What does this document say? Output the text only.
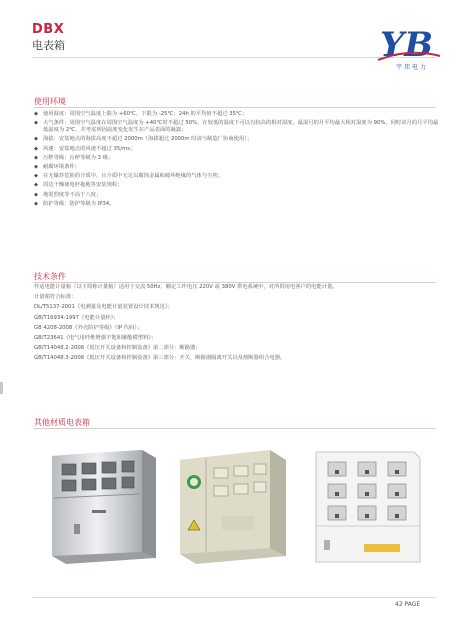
DBX
电表箱	YB
宇邦电力
使用环境
◆ 使用温度：周围空气温度上限为 +60℃，下限为 -25℃；24h 的平均值不超过 35℃；
◆ 大气条件：周围空气温度在周围空气温度为 +40℃时不超过 50%，在较低的温度下可以有较高的相对湿度，最湿月的月平均最大相对湿度为 90%，同时该月的月平均最低温度为 2℃，并考虑到因温度变化发生在产品表面的凝露；
◆ 海拔：安装地点的海拔高度不超过 2000m（海拔超过 2000m 时请与制造厂协商使用）；
◆ 风速：安装地点的风速不超过 35/ms；
◆ 污秽等级：污秽等级为 3 级；
◆ 耐腐环境条件；
◆ 在无爆炸危险的介质中，且介质中无足以腐蚀金属和破坏绝缘的气体与尘埃；
◆ 周边干燥使电杆拖地等安装规程；
◆ 地震烈度等不高于八度；
◆ 防护等级：防护等级为 IP34。
技术条件
作适电能计量箱（以下简称计量箱）适用于交流 50Hz，额定工作电压 220V 或 380V 供电系统中，对所供用电客户的电能计量。
计量箱符合标准：
DL/T5137-2001《电测量及电能计量装置设计技术规范》；
GB/T16934-1997《电能计量柜》；
GB 4208-2008《外壳防护等级》（IP 代码）；
GB/T23641《电气用纤维增强不饱和聚酯模塑料》；
GB/T14048.2-2008《低压开关设备和控制设备》第二部分：断路器；
GB/T14048.3-2008《低压开关设备和控制设备》第三部分：开关、断路器隔离开关以及熔断器组合电器。
其他材质电表箱
42 PAGE
